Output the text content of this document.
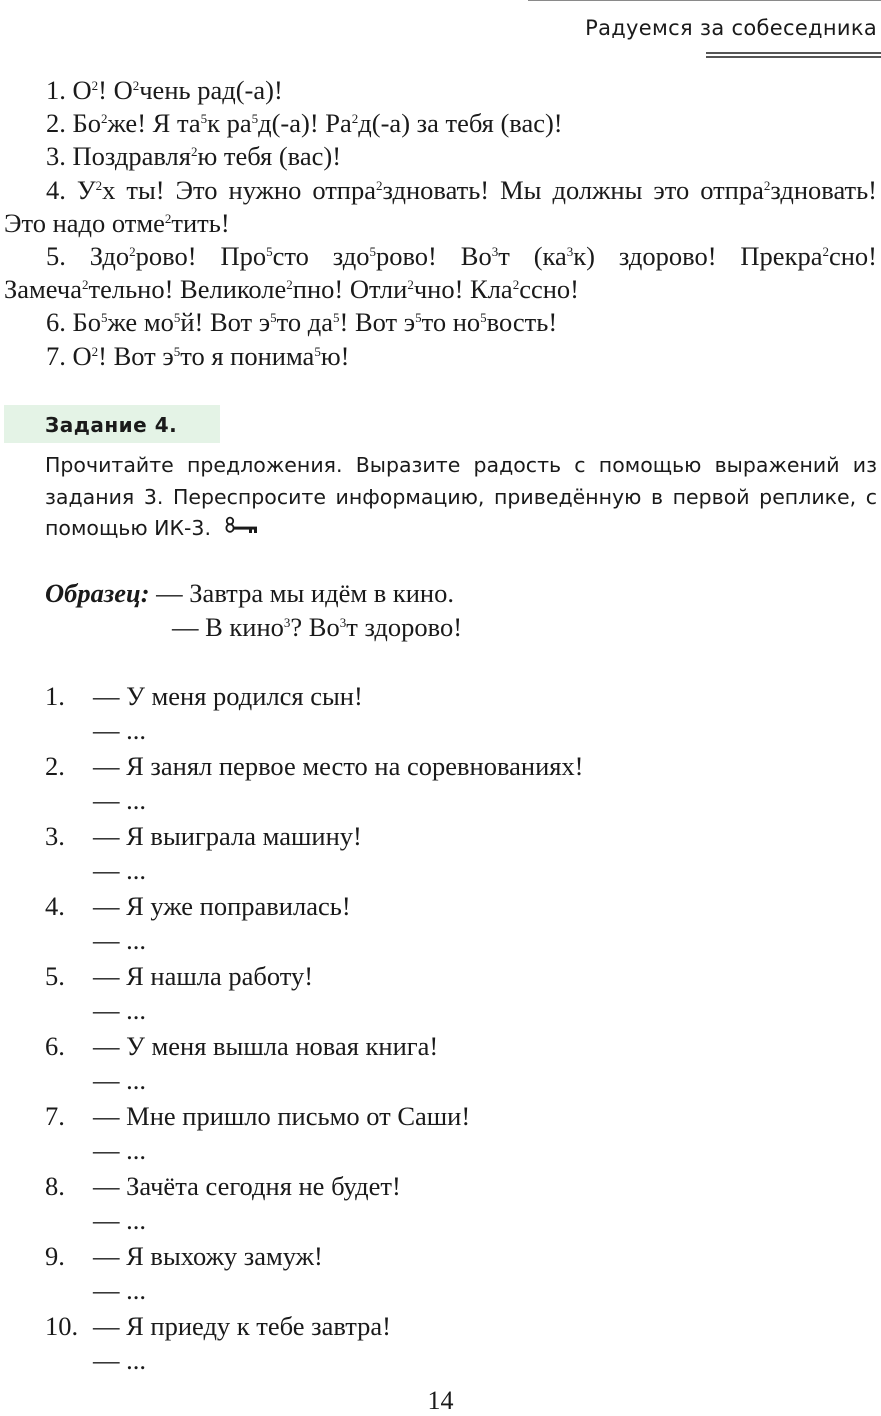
Радуемся за собеседника

1. $О^2$! $О^2чень$ рад(-а)!

2. $Бо^2же$! Я $та^5к$ $ра^5д(-а)$! $Ра^2д(-а)$ за тебя (вас)!

3. Поздравля$^2$ю тебя (вас)!

4. $У^2х$ ты! Это нужно отпра$^2$здновать! Мы должны это отпра$^2$здновать! Это надо отме$^2$тить!

5. Здо$^2$рово! Про$^5$сто здо$^5$рово! $Во^3т$ $(ка^3к)$ здорово! Прекра$^2$сно! Замеча$^2$тельно! Великоле$^2$пно! Отли$^2$чно! Кла$^2$ссно!

6. $Бо^5же$ $мо^5й$! Вот $э^5то$ $да^5$! Вот $э^5то$ $но^5вость$!

7. $О^2$! Вот $э^5то$ я понима$^5$ю!

Задание 4.
Прочитайте предложения. Выразите радость с помощью выражений из задания 3. Переспросите информацию, приведённую в первой реплике, с помощью ИК-3.
Образец: — Завтра мы идём в кино.
— В кино$^3$? $Во^3т$ здорово!
1. — У меня родился сын!
— ...
2. — Я занял первое место на соревнованиях!
— ...
3. — Я выиграла машину!
— ...
4. — Я уже поправилась!
— ...
5. — Я нашла работу!
— ...
6. — У меня вышла новая книга!
— ...
7. — Мне пришло письмо от Саши!
— ...
8. — Зачёта сегодня не будет!
— ...
9. — Я выхожу замуж!
— ...
10. — Я приеду к тебе завтра!
— ...
14
